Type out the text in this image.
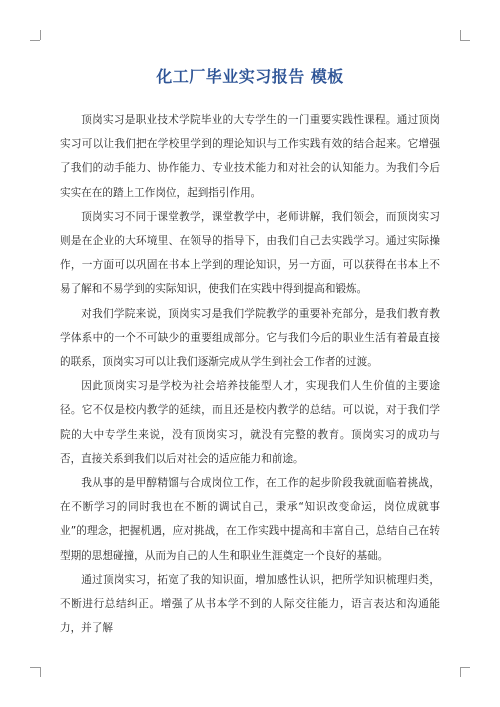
化工厂毕业实习报告 模板

顶岗实习是职业技术学院毕业的大专学生的一门重要实践性课程。通过顶岗实习可以让我们把在学校里学到的理论知识与工作实践有效的结合起来。它增强了我们的动手能力、协作能力、专业技术能力和对社会的认知能力。为我们今后实实在在的踏上工作岗位，起到指引作用。

顶岗实习不同于课堂教学，课堂教学中，老师讲解，我们领会，而顶岗实习则是在企业的大环境里、在领导的指导下，由我们自己去实践学习。通过实际操作，一方面可以巩固在书本上学到的理论知识，另一方面，可以获得在书本上不易了解和不易学到的实际知识，使我们在实践中得到提高和锻炼。

对我们学院来说，顶岗实习是我们学院教学的重要补充部分，是我们教育教学体系中的一个不可缺少的重要组成部分。它与我们今后的职业生活有着最直接的联系，顶岗实习可以让我们逐渐完成从学生到社会工作者的过渡。

因此顶岗实习是学校为社会培养技能型人才，实现我们人生价值的主要途径。它不仅是校内教学的延续，而且还是校内教学的总结。可以说，对于我们学院的大中专学生来说，没有顶岗实习，就没有完整的教育。顶岗实习的成功与否，直接关系到我们以后对社会的适应能力和前途。

我从事的是甲醇精馏与合成岗位工作，在工作的起步阶段我就面临着挑战，在不断学习的同时我也在不断的调试自己，秉承“知识改变命运，岗位成就事业”的理念，把握机遇，应对挑战，在工作实践中提高和丰富自己，总结自己在转型期的思想碰撞，从而为自己的人生和职业生涯奠定一个良好的基础。

通过顶岗实习，拓宽了我的知识面，增加感性认识，把所学知识梳理归类，不断进行总结纠正。增强了从书本学不到的人际交往能力，语言表达和沟通能力，并了解
